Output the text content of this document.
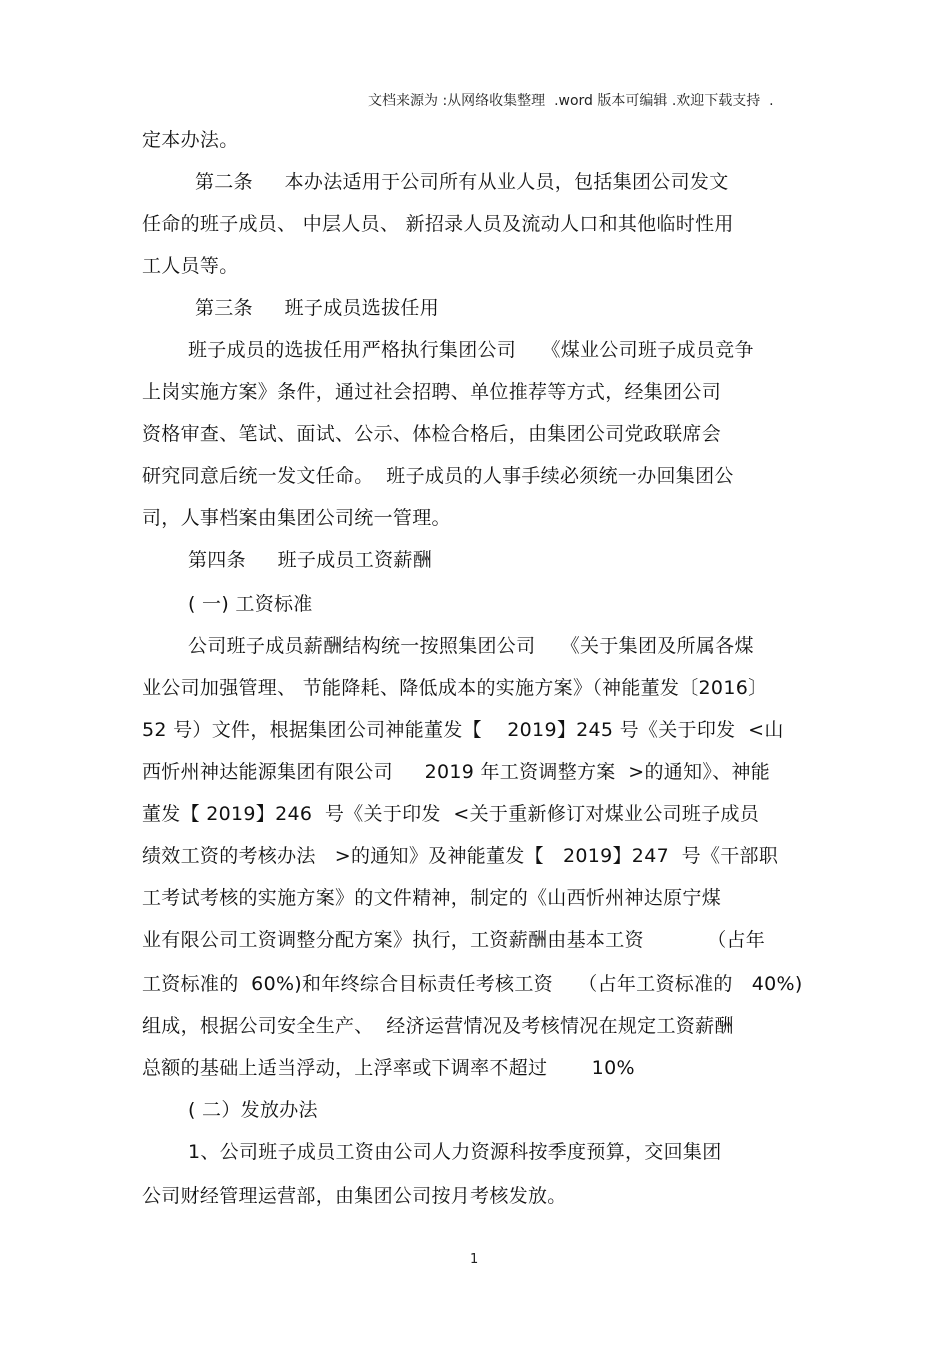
文档来源为 :从网络收集整理  .word 版本可编辑 .欢迎下载支持  .
定本办法。
第二条     本办法适用于公司所有从业人员，包括集团公司发文
任命的班子成员、 中层人员、 新招录人员及流动人口和其他临时性用
工人员等。
第三条     班子成员选拔任用
班子成员的选拔任用严格执行集团公司    《煤业公司班子成员竞争
上岗实施方案》条件，通过社会招聘、单位推荐等方式，经集团公司
资格审查、笔试、面试、公示、体检合格后，由集团公司党政联席会
研究同意后统一发文任命。  班子成员的人事手续必须统一办回集团公
司，人事档案由集团公司统一管理。
第四条     班子成员工资薪酬
( 一) 工资标准
公司班子成员薪酬结构统一按照集团公司    《关于集团及所属各煤
业公司加强管理、 节能降耗、降低成本的实施方案》（神能董发〔2016〕
52 号）文件，根据集团公司神能董发【    2019】245 号《关于印发  <山
西忻州神达能源集团有限公司     2019 年工资调整方案  >的通知》、神能
董发【 2019】246  号《关于印发  <关于重新修订对煤业公司班子成员
绩效工资的考核办法   >的通知》及神能董发【   2019】247  号《干部职
工考试考核的实施方案》的文件精神，制定的《山西忻州神达原宁煤
业有限公司工资调整分配方案》执行，工资薪酬由基本工资          （占年
工资标准的  60%)和年终综合目标责任考核工资    （占年工资标准的   40%)
组成，根据公司安全生产、  经济运营情况及考核情况在规定工资薪酬
总额的基础上适当浮动，上浮率或下调率不超过       10%
( 二）发放办法
1、公司班子成员工资由公司人力资源科按季度预算，交回集团
公司财经管理运营部，由集团公司按月考核发放。
1
